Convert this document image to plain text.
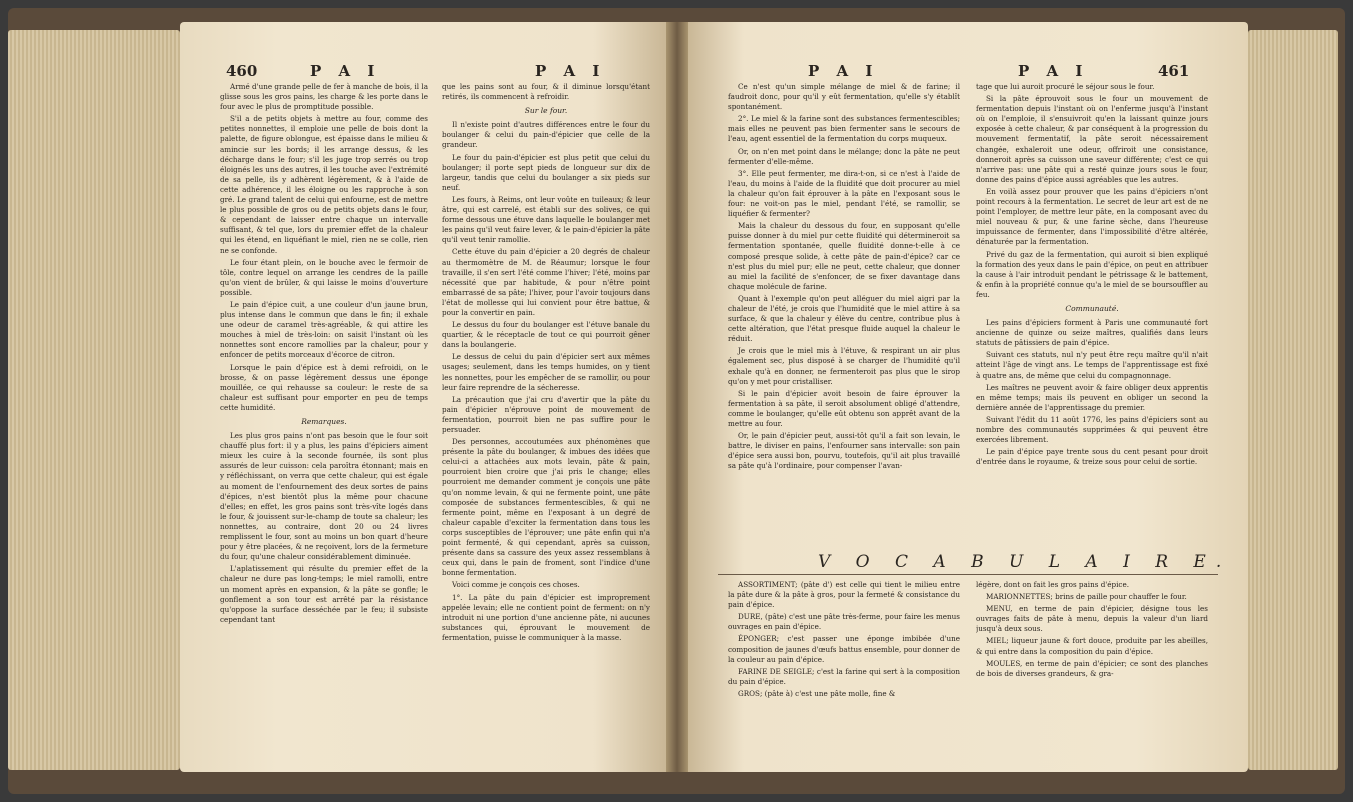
460	P A I	P A I

Armé d'une grande pelle de fer à manche de bois, il la glisse sous les gros pains, les charge & les porte dans le four avec le plus de promptitude possible.

S'il a de petits objets à mettre au four, comme des petites nonnettes, il emploie une pelle de bois dont la palette, de figure oblongue, est épaisse dans le milieu & amincie sur les bords; il les arrange dessus, & les décharge dans le four; s'il les juge trop serrés ou trop éloignés les uns des autres, il les touche avec l'extrémité de sa pelle, ils y adhèrent légèrement, & à l'aide de cette adhérence, il les éloigne ou les rapproche à son gré. Le grand talent de celui qui enfourne, est de mettre le plus possible de gros ou de petits objets dans le four, & cependant de laisser entre chaque un intervalle suffisant, & tel que, lors du premier effet de la chaleur qui les étend, en liquéfiant le miel, rien ne se colle, rien ne se confonde.

Le four étant plein, on le bouche avec le fermoir de tôle, contre lequel on arrange les cendres de la paille qu'on vient de brûler, & qui laisse le moins d'ouverture possible.

Le pain d'épice cuit, a une couleur d'un jaune brun, plus intense dans le commun que dans le fin; il exhale une odeur de caramel très-agréable, & qui attire les mouches à miel de très-loin: on saisit l'instant où les nonnettes sont encore ramollies par la chaleur, pour y enfoncer de petits morceaux d'écorce de citron.

Lorsque le pain d'épice est à demi refroidi, on le brosse, & on passe légèrement dessus une éponge mouillée, ce qui rehausse sa couleur: le reste de sa chaleur est suffisant pour emporter en peu de temps cette humidité.

Remarques.

Les plus gros pains n'ont pas besoin que le four soit chauffé plus fort: il y a plus, les pains d'épiciers aiment mieux les cuire à la seconde fournée, ils sont plus assurés de leur cuisson: cela paroîtra étonnant; mais en y réfléchissant, on verra que cette chaleur, qui est égale au moment de l'enfournement des deux sortes de pains d'épices, n'est bientôt plus la même pour chacune d'elles; en effet, les gros pains sont très-vîte logés dans le four, & jouissent sur-le-champ de toute sa chaleur; les nonnettes, au contraire, dont 20 ou 24 livres remplissent le four, sont au moins un bon quart d'heure pour y être placées, & ne reçoivent, lors de la fermeture du four, qu'une chaleur considérablement diminuée.

L'aplatissement qui résulte du premier effet de la chaleur ne dure pas long-temps; le miel ramolli, entre un moment après en expansion, & la pâte se gonfle; le gonflement a son tour est arrêté par la résistance qu'oppose la surface desséchée par le feu; il subsiste cependant tant

que les pains sont au four, & il diminue lorsqu'étant retirés, ils commencent à refroidir.

Sur le four.

Il n'existe point d'autres différences entre le four du boulanger & celui du pain-d'épicier que celle de la grandeur.

Le four du pain-d'épicier est plus petit que celui du boulanger; il porte sept pieds de longueur sur dix de largeur, tandis que celui du boulanger a six pieds sur neuf.

Les fours, à Reims, ont leur voûte en tuileaux; & leur âtre, qui est carrelé, est établi sur des solives, ce qui forme dessous une étuve dans laquelle le boulanger met les pains qu'il veut faire lever, & le pain-d'épicier la pâte qu'il veut tenir ramollie.

Cette étuve du pain d'épicier a 20 degrés de chaleur au thermomètre de M. de Réaumur; lorsque le four travaille, il s'en sert l'été comme l'hiver; l'été, moins par nécessité que par habitude, & pour n'être point embarrassé de sa pâte; l'hiver, pour l'avoir toujours dans l'état de mollesse qui lui convient pour être battue, & pour la convertir en pain.

Le dessus du four du boulanger est l'étuve banale du quartier, & le réceptacle de tout ce qui pourroit gêner dans la boulangerie.

Le dessus de celui du pain d'épicier sert aux mêmes usages; seulement, dans les temps humides, on y tient les nonnettes, pour les empêcher de se ramollir, ou pour leur faire reprendre de la sécheresse.

La précaution que j'ai cru d'avertir que la pâte du pain d'épicier n'éprouve point de mouvement de fermentation, pourroit bien ne pas suffire pour le persuader.

Des personnes, accoutumées aux phénomènes que présente la pâte du boulanger, & imbues des idées que celui-ci a attachées aux mots levain, pâte & pain, pourroient bien croire que j'ai pris le change; elles pourroient me demander comment je conçois une pâte qu'on nomme levain, & qui ne fermente point, une pâte composée de substances fermentescibles, & qui ne fermente point, même en l'exposant à un degré de chaleur capable d'exciter la fermentation dans tous les corps susceptibles de l'éprouver; une pâte enfin qui n'a point fermenté, & qui cependant, après sa cuisson, présente dans sa cassure des yeux assez ressemblans à ceux qui, dans le pain de froment, sont l'indice d'une bonne fermentation.

Voici comme je conçois ces choses.

1°. La pâte du pain d'épicier est improprement appelée levain; elle ne contient point de ferment: on n'y introduit ni une portion d'une ancienne pâte, ni aucunes substances qui, éprouvant le mouvement de fermentation, puisse le communiquer à la masse.

P A I	P A I	461

Ce n'est qu'un simple mélange de miel & de farine; il faudroit donc, pour qu'il y eût fermentation, qu'elle s'y établît spontanément.

2°. Le miel & la farine sont des substances fermentescibles; mais elles ne peuvent pas bien fermenter sans le secours de l'eau, agent essentiel de la fermentation du corps muqueux.

Or, on n'en met point dans le mélange; donc la pâte ne peut fermenter d'elle-même.

3°. Elle peut fermenter, me dira-t-on, si ce n'est à l'aide de l'eau, du moins à l'aide de la fluidité que doit procurer au miel la chaleur qu'on fait éprouver à la pâte en l'exposant sous le four: ne voit-on pas le miel, pendant l'été, se ramollir, se liquéfier & fermenter?

Mais la chaleur du dessous du four, en supposant qu'elle puisse donner à du miel pur cette fluidité qui détermineroit sa fermentation spontanée, quelle fluidité donne-t-elle à ce composé presque solide, à cette pâte de pain-d'épice? car ce n'est plus du miel pur; elle ne peut, cette chaleur, que donner au miel la facilité de s'enfoncer, de se fixer davantage dans chaque molécule de farine.

Quant à l'exemple qu'on peut alléguer du miel aigri par la chaleur de l'été, je crois que l'humidité que le miel attire à sa surface, & que la chaleur y élève du centre, contribue plus à cette altération, que l'état presque fluide auquel la chaleur le réduit.

Je crois que le miel mis à l'étuve, & respirant un air plus également sec, plus disposé à se charger de l'humidité qu'il exhale qu'à en donner, ne fermenteroit pas plus que le sirop qu'on y met pour cristalliser.

Si le pain d'épicier avoit besoin de faire éprouver la fermentation à sa pâte, il seroit absolument obligé d'attendre, comme le boulanger, qu'elle eût obtenu son apprêt avant de la mettre au four.

Or, le pain d'épicier peut, aussi-tôt qu'il a fait son levain, le battre, le diviser en pains, l'enfourner sans intervalle: son pain d'épice sera aussi bon, pourvu, toutefois, qu'il ait plus travaillé sa pâte qu'à l'ordinaire, pour compenser l'avan-

tage que lui auroit procuré le séjour sous le four.

Si la pâte éprouvoit sous le four un mouvement de fermentation depuis l'instant où on l'enferme jusqu'à l'instant où on l'emploie, il s'ensuivroit qu'en la laissant quinze jours exposée à cette chaleur, & par conséquent à la progression du mouvement fermentatif, la pâte seroit nécessairement changée, exhaleroit une odeur, offriroit une consistance, donneroit après sa cuisson une saveur différente; c'est ce qui n'arrive pas: une pâte qui a resté quinze jours sous le four, donne des pains d'épice aussi agréables que les autres.

En voilà assez pour prouver que les pains d'épiciers n'ont point recours à la fermentation. Le secret de leur art est de ne point l'employer, de mettre leur pâte, en la composant avec du miel nouveau & pur, & une farine sèche, dans l'heureuse impuissance de fermenter, dans l'impossibilité d'être altérée, dénaturée par la fermentation.

Privé du gaz de la fermentation, qui auroit si bien expliqué la formation des yeux dans le pain d'épice, on peut en attribuer la cause à l'air introduit pendant le pétrissage & le battement, & enfin à la propriété connue qu'a le miel de se boursouffler au feu.

Communauté.

Les pains d'épiciers forment à Paris une communauté fort ancienne de quinze ou seize maîtres, qualifiés dans leurs statuts de pâtissiers de pain d'épice.

Suivant ces statuts, nul n'y peut être reçu maître qu'il n'ait atteint l'âge de vingt ans. Le temps de l'apprentissage est fixé à quatre ans, de même que celui du compagnonnage.

Les maîtres ne peuvent avoir & faire obliger deux apprentis en même temps; mais ils peuvent en obliger un second la dernière année de l'apprentissage du premier.

Suivant l'édit du 11 août 1776, les pains d'épiciers sont au nombre des communautés supprimées & qui peuvent être exercées librement.

Le pain d'épice paye trente sous du cent pesant pour droit d'entrée dans le royaume, & treize sous pour celui de sortie.

V O C A B U L A I R E.

ASSORTIMENT; (pâte d') est celle qui tient le milieu entre la pâte dure & la pâte à gros, pour la fermeté & consistance du pain d'épice.

DURE, (pâte) c'est une pâte très-ferme, pour faire les menus ouvrages en pain d'épice.

ÉPONGER; c'est passer une éponge imbibée d'une composition de jaunes d'œufs battus ensemble, pour donner de la couleur au pain d'épice.

FARINE DE SEIGLE; c'est la farine qui sert à la composition du pain d'épice.

GROS; (pâte à) c'est une pâte molle, fine &

légère, dont on fait les gros pains d'épice.

MARIONNETTES; brins de paille pour chauffer le four.

MENU, en terme de pain d'épicier, désigne tous les ouvrages faits de pâte à menu, depuis la valeur d'un liard jusqu'à deux sous.

MIEL; liqueur jaune & fort douce, produite par les abeilles, & qui entre dans la composition du pain d'épice.

MOULES, en terme de pain d'épicier; ce sont des planches de bois de diverses grandeurs, & gra-
